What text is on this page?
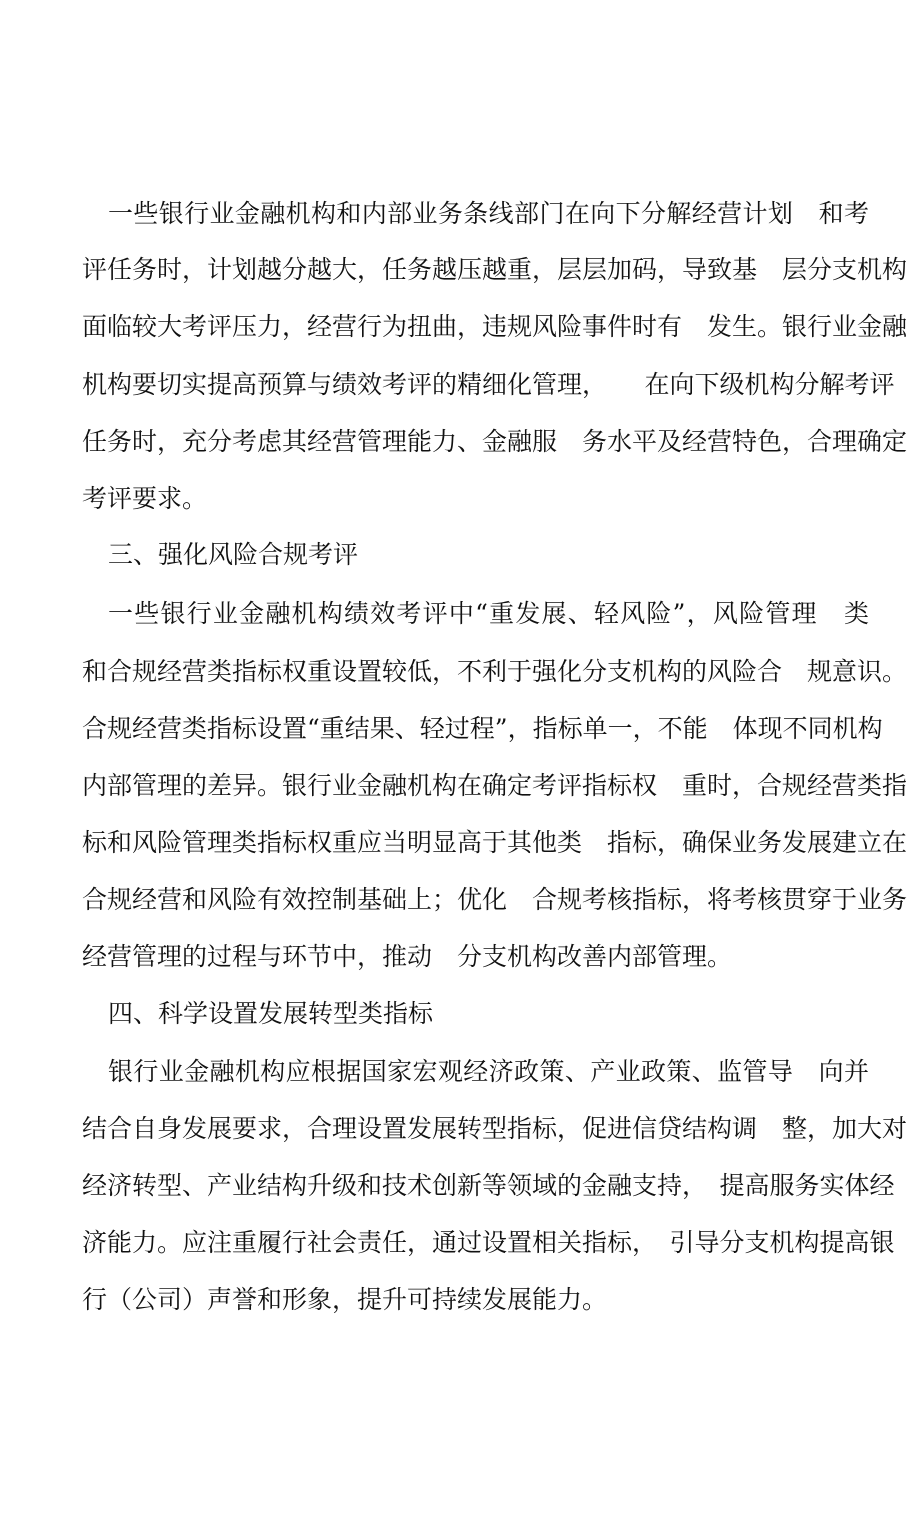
一些银行业金融机构和内部业务条线部门在向下分解经营计划　和考
评任务时，计划越分越大，任务越压越重，层层加码，导致基　层分支机构
面临较大考评压力，经营行为扭曲，违规风险事件时有　发生。银行业金融
机构要切实提高预算与绩效考评的精细化管理，　　在向下级机构分解考评
任务时，充分考虑其经营管理能力、金融服　务水平及经营特色，合理确定
考评要求。
三、强化风险合规考评
一些银行业金融机构绩效考评中“重发展、轻风险”，风险管理　类
和合规经营类指标权重设置较低，不利于强化分支机构的风险合　规意识。
合规经营类指标设置“重结果、轻过程”，指标单一，不能　体现不同机构
内部管理的差异。银行业金融机构在确定考评指标权　重时，合规经营类指
标和风险管理类指标权重应当明显高于其他类　指标，确保业务发展建立在
合规经营和风险有效控制基础上；优化　合规考核指标，将考核贯穿于业务
经营管理的过程与环节中，推动　分支机构改善内部管理。
四、科学设置发展转型类指标
银行业金融机构应根据国家宏观经济政策、产业政策、监管导　向并
结合自身发展要求，合理设置发展转型指标，促进信贷结构调　整，加大对
经济转型、产业结构升级和技术创新等领域的金融支持，　提高服务实体经
济能力。应注重履行社会责任，通过设置相关指标，　引导分支机构提高银
行（公司）声誉和形象，提升可持续发展能力。
